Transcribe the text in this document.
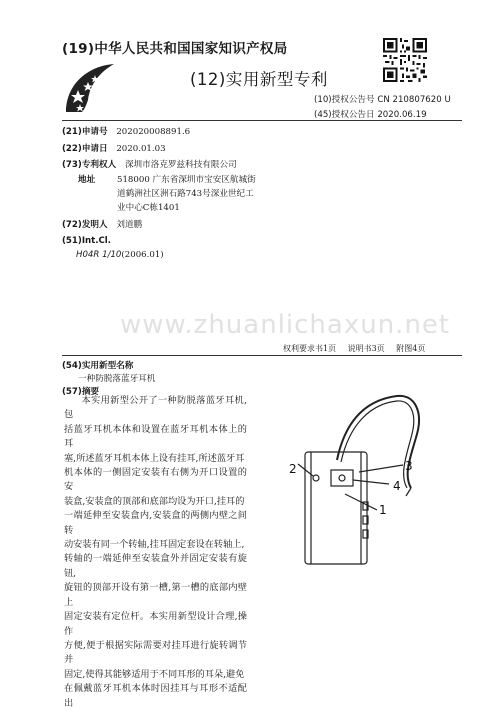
(19)中华人民共和国国家知识产权局
(12)实用新型专利
(10)授权公告号 CN 210807620 U
(45)授权公告日 2020.06.19
(21)申请号 202020008891.6
(22)申请日 2020.01.03
(73)专利权人 深圳市洛克罗兹科技有限公司
地址	518000 广东省深圳市宝安区航城街
道鹤洲社区洲石路743号深业世纪工
业中心C栋1401
(72)发明人 刘道鹏
(51)Int.Cl.
H04R 1/10(2006.01)
www.zhuanlichaxun.net
权利要求书1页 说明书3页 附图4页
(54)实用新型名称
一种防脱落蓝牙耳机
(57)摘要
本实用新型公开了一种防脱落蓝牙耳机,包
括蓝牙耳机本体和设置在蓝牙耳机本体上的耳
塞,所述蓝牙耳机本体上设有挂耳,所述蓝牙耳
机本体的一侧固定安装有右侧为开口设置的安
装盒,安装盒的顶部和底部均设为开口,挂耳的
一端延伸至安装盒内,安装盒的两侧内壁之间转
动安装有同一个转轴,挂耳固定套设在转轴上,
转轴的一端延伸至安装盒外并固定安装有旋钮,
旋钮的顶部开设有第一槽,第一槽的底部内壁上
固定安装有定位杆。本实用新型设计合理,操作
方便,便于根据实际需要对挂耳进行旋转调节并
固定,使得其能够适用于不同耳形的耳朵,避免
在佩戴蓝牙耳机本体时因挂耳与耳形不适配出
2	3
4
1
